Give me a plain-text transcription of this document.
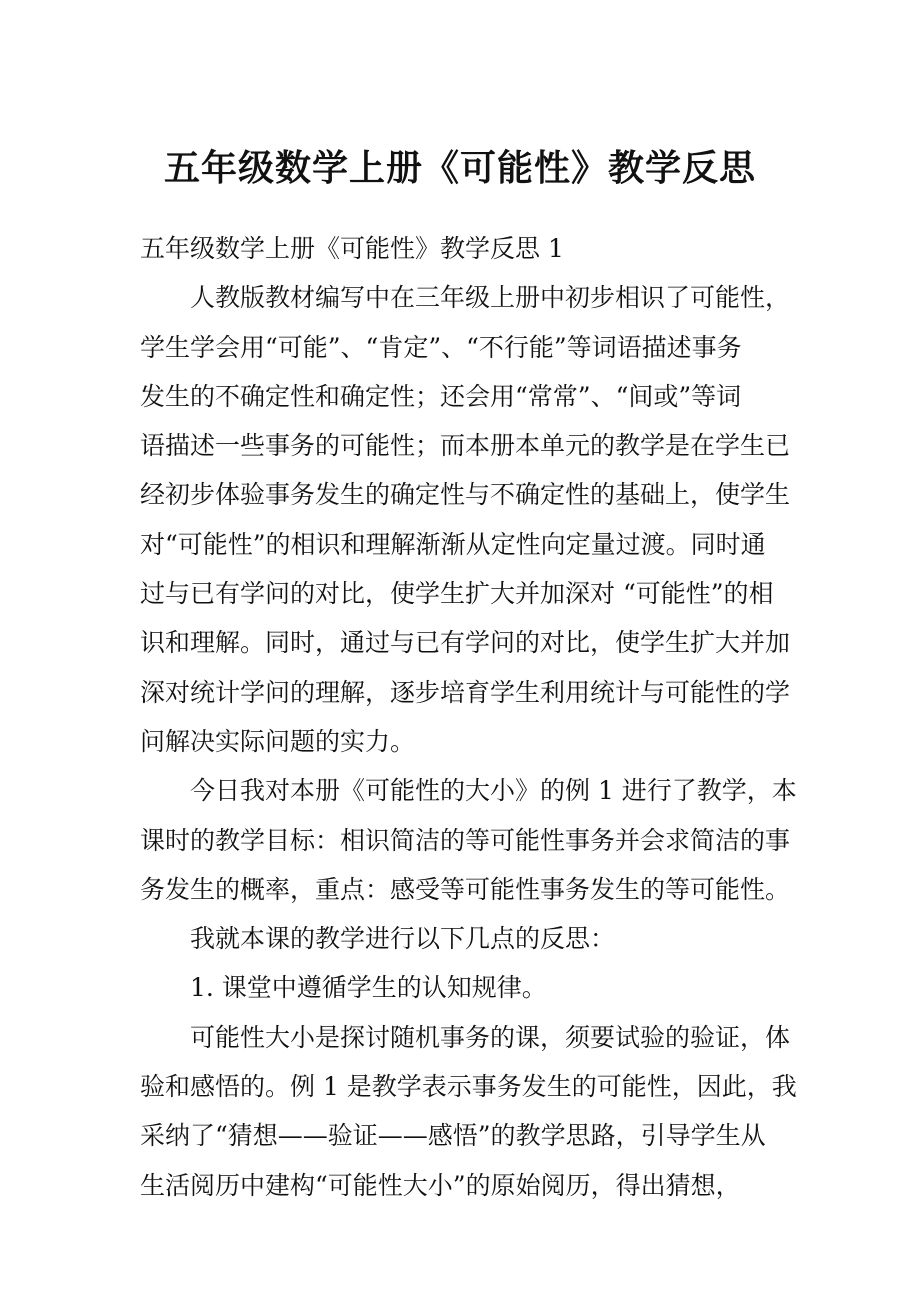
五年级数学上册《可能性》教学反思
五年级数学上册《可能性》教学反思 1
人教版教材编写中在三年级上册中初步相识了可能性，
学生学会用“可能”、“肯定”、“不行能”等词语描述事务
发生的不确定性和确定性；还会用“常常”、“间或”等词
语描述一些事务的可能性；而本册本单元的教学是在学生已
经初步体验事务发生的确定性与不确定性的基础上，使学生
对“可能性”的相识和理解渐渐从定性向定量过渡。同时通
过与已有学问的对比，使学生扩大并加深对 “可能性”的相
识和理解。同时，通过与已有学问的对比，使学生扩大并加
深对统计学问的理解，逐步培育学生利用统计与可能性的学
问解决实际问题的实力。
今日我对本册《可能性的大小》的例 1 进行了教学，本
课时的教学目标：相识简洁的等可能性事务并会求简洁的事
务发生的概率，重点：感受等可能性事务发生的等可能性。
我就本课的教学进行以下几点的反思：
1. 课堂中遵循学生的认知规律。
可能性大小是探讨随机事务的课，须要试验的验证，体
验和感悟的。例 1 是教学表示事务发生的可能性，因此，我
采纳了“猜想——验证——感悟”的教学思路，引导学生从
生活阅历中建构“可能性大小”的原始阅历，得出猜想，
